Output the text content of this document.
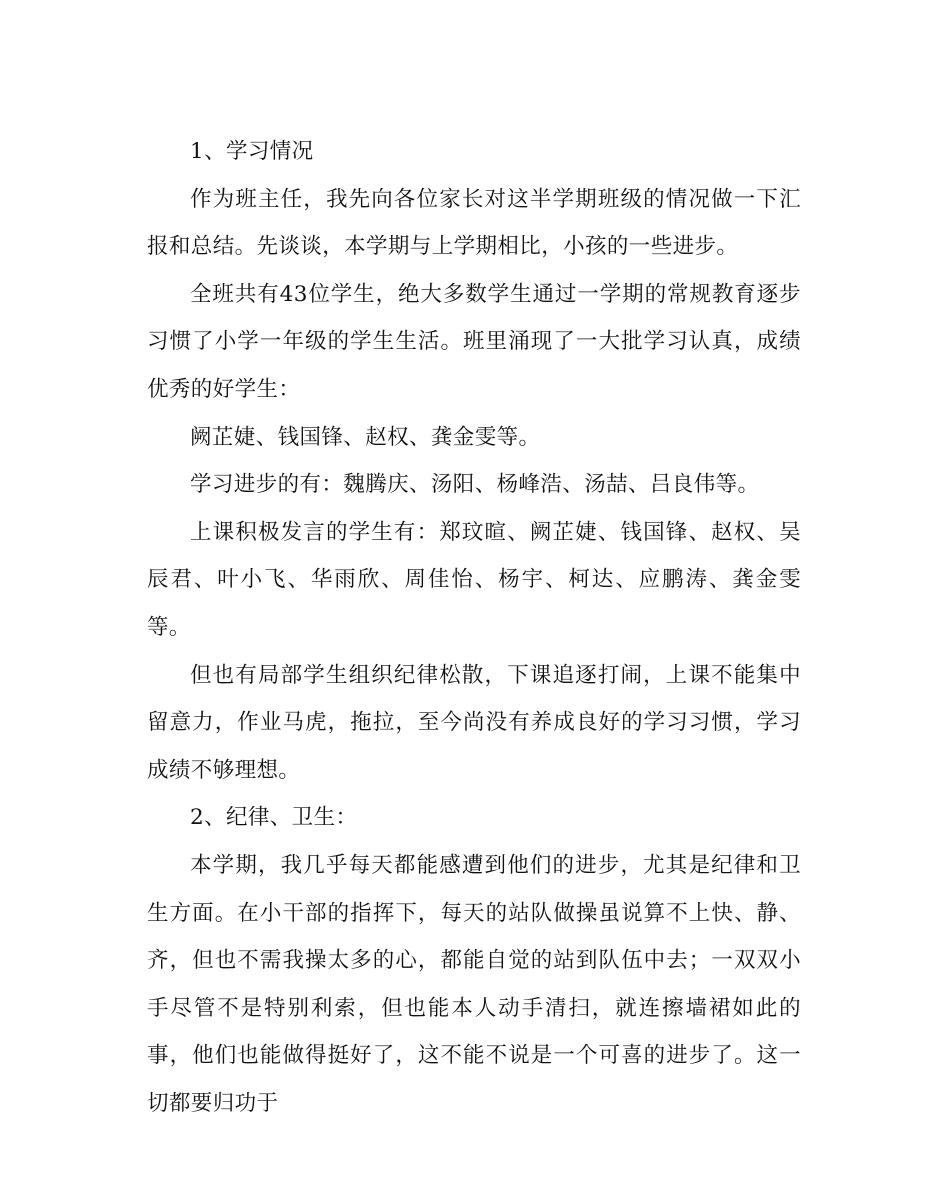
1、学习情况

作为班主任，我先向各位家长对这半学期班级的情况做一下汇报和总结。先谈谈，本学期与上学期相比，小孩的一些进步。

全班共有43位学生，绝大多数学生通过一学期的常规教育逐步习惯了小学一年级的学生生活。班里涌现了一大批学习认真，成绩优秀的好学生：

阙芷婕、钱国锋、赵权、龚金雯等。

学习进步的有：魏腾庆、汤阳、杨峰浩、汤喆、吕良伟等。

上课积极发言的学生有：郑玟暄、阙芷婕、钱国锋、赵权、吴辰君、叶小飞、华雨欣、周佳怡、杨宇、柯达、应鹏涛、龚金雯等。

但也有局部学生组织纪律松散，下课追逐打闹，上课不能集中留意力，作业马虎，拖拉，至今尚没有养成良好的学习习惯，学习成绩不够理想。

2、纪律、卫生：

本学期，我几乎每天都能感遭到他们的进步，尤其是纪律和卫生方面。在小干部的指挥下，每天的站队做操虽说算不上快、静、齐，但也不需我操太多的心，都能自觉的站到队伍中去；一双双小手尽管不是特别利索，但也能本人动手清扫，就连擦墙裙如此的事，他们也能做得挺好了，这不能不说是一个可喜的进步了。这一切都要归功于
